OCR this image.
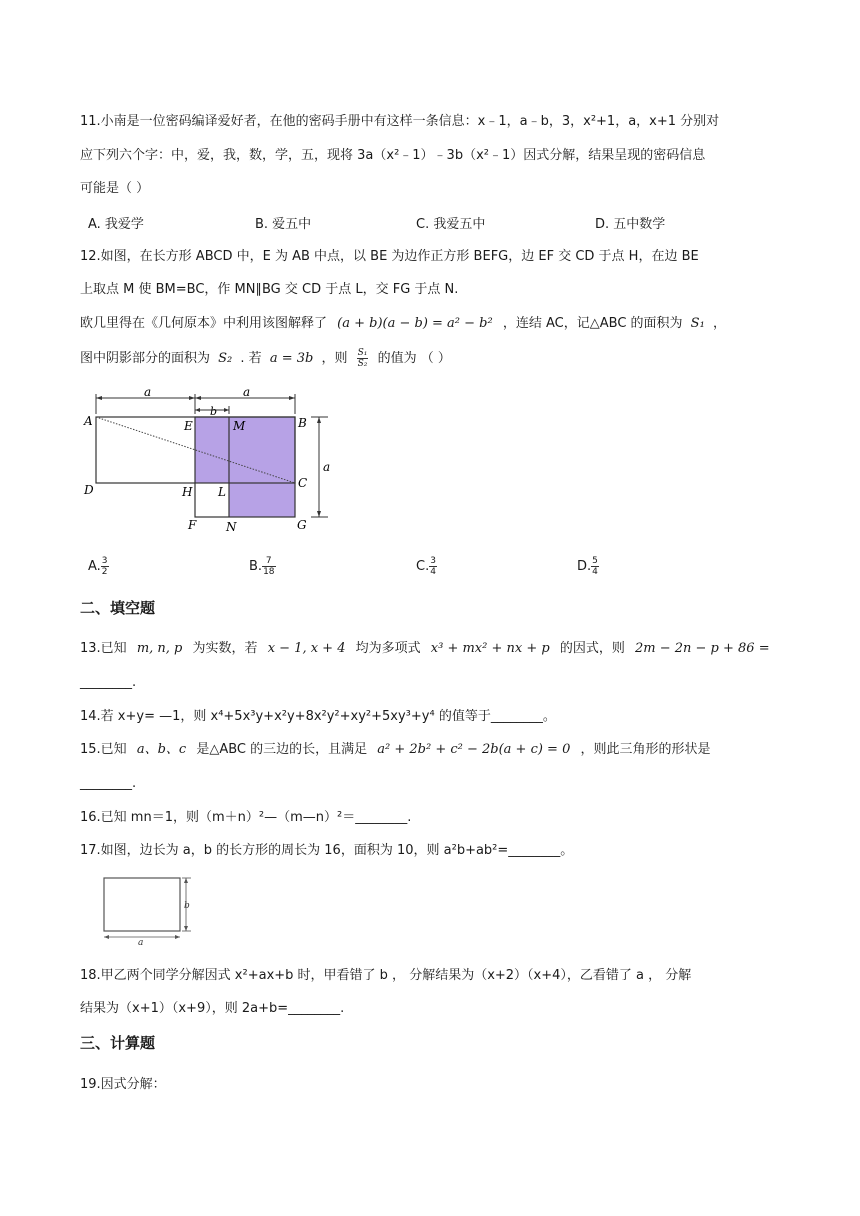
11.小南是一位密码编译爱好者，在他的密码手册中有这样一条信息：x﹣1，a﹣b，3，x²+1，a，x+1 分别对
应下列六个字：中，爱，我，数，学，五，现将 3a（x²﹣1）﹣3b（x²﹣1）因式分解，结果呈现的密码信息
可能是（ ）
A. 我爱学	B. 爱五中	C. 我爱五中	D. 五中数学
12.如图，在长方形 ABCD 中，E 为 AB 中点，以 BE 为边作正方形 BEFG，边 EF 交 CD 于点 H，在边 BE
上取点 M 使 BM=BC，作 MN∥BG 交 CD 于点 L，交 FG 于点 N.
欧几里得在《几何原本》中利用该图解释了 (a + b)(a − b) = a² − b² ，连结 AC，记△ABC 的面积为 S₁ ，
图中阴影部分的面积为 S₂ . 若 a = 3b ，则 $\frac{\text{S₁}}{\text{S₂}}$ 的值为 （ ）
a
b
a
a
A	E	M	B
D	H L
C
F N	G
A. $\frac{3}{2}$	B. $\frac{7}{18}$	C. $\frac{3}{4}$	D. $\frac{5}{4}$
二、填空题
13.已知 m, n, p 为实数，若 x − 1, x + 4 均为多项式 x³ + mx² + nx + p 的因式，则 2m − 2n − p + 86 =
________.
14.若 x+y= —1，则 x⁴+5x³y+x²y+8x²y²+xy²+5xy³+y⁴ 的值等于________。
15.已知 a、b、c 是△ABC 的三边的长，且满足 a² + 2b² + c² − 2b(a + c) = 0 ，则此三角形的形状是
________.
16.已知 mn＝1，则（m＋n）²—（m—n）²＝________.
17.如图，边长为 a，b 的长方形的周长为 16，面积为 10，则 a²b+ab²=________。
b
a
18.甲乙两个同学分解因式 x²+ax+b 时，甲看错了 b ， 分解结果为（x+2）（x+4），乙看错了 a ， 分解
结果为（x+1）（x+9），则 2a+b=________.
三、计算题
19.因式分解：
